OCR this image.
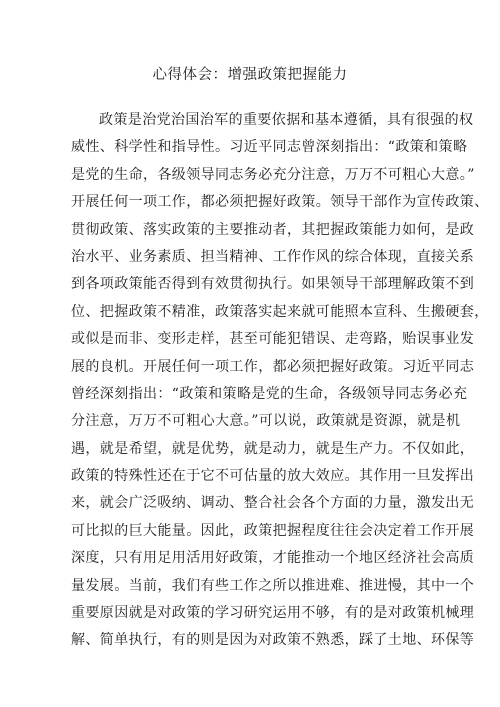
心得体会：增强政策把握能力
政策是治党治国治军的重要依据和基本遵循，具有很强的权
威性、科学性和指导性。习近平同志曾深刻指出：“政策和策略
是党的生命，各级领导同志务必充分注意，万万不可粗心大意。”
开展任何一项工作，都必须把握好政策。领导干部作为宣传政策、
贯彻政策、落实政策的主要推动者，其把握政策能力如何，是政
治水平、业务素质、担当精神、工作作风的综合体现，直接关系
到各项政策能否得到有效贯彻执行。如果领导干部理解政策不到
位、把握政策不精准，政策落实起来就可能照本宣科、生搬硬套，
或似是而非、变形走样，甚至可能犯错误、走弯路，贻误事业发
展的良机。开展任何一项工作，都必须把握好政策。习近平同志
曾经深刻指出：“政策和策略是党的生命，各级领导同志务必充
分注意，万万不可粗心大意。”可以说，政策就是资源，就是机
遇，就是希望，就是优势，就是动力，就是生产力。不仅如此，
政策的特殊性还在于它不可估量的放大效应。其作用一旦发挥出
来，就会广泛吸纳、调动、整合社会各个方面的力量，激发出无
可比拟的巨大能量。因此，政策把握程度往往会决定着工作开展
深度，只有用足用活用好政策，才能推动一个地区经济社会高质
量发展。当前，我们有些工作之所以推进难、推进慢，其中一个
重要原因就是对政策的学习研究运用不够，有的是对政策机械理
解、简单执行，有的则是因为对政策不熟悉，踩了土地、环保等
